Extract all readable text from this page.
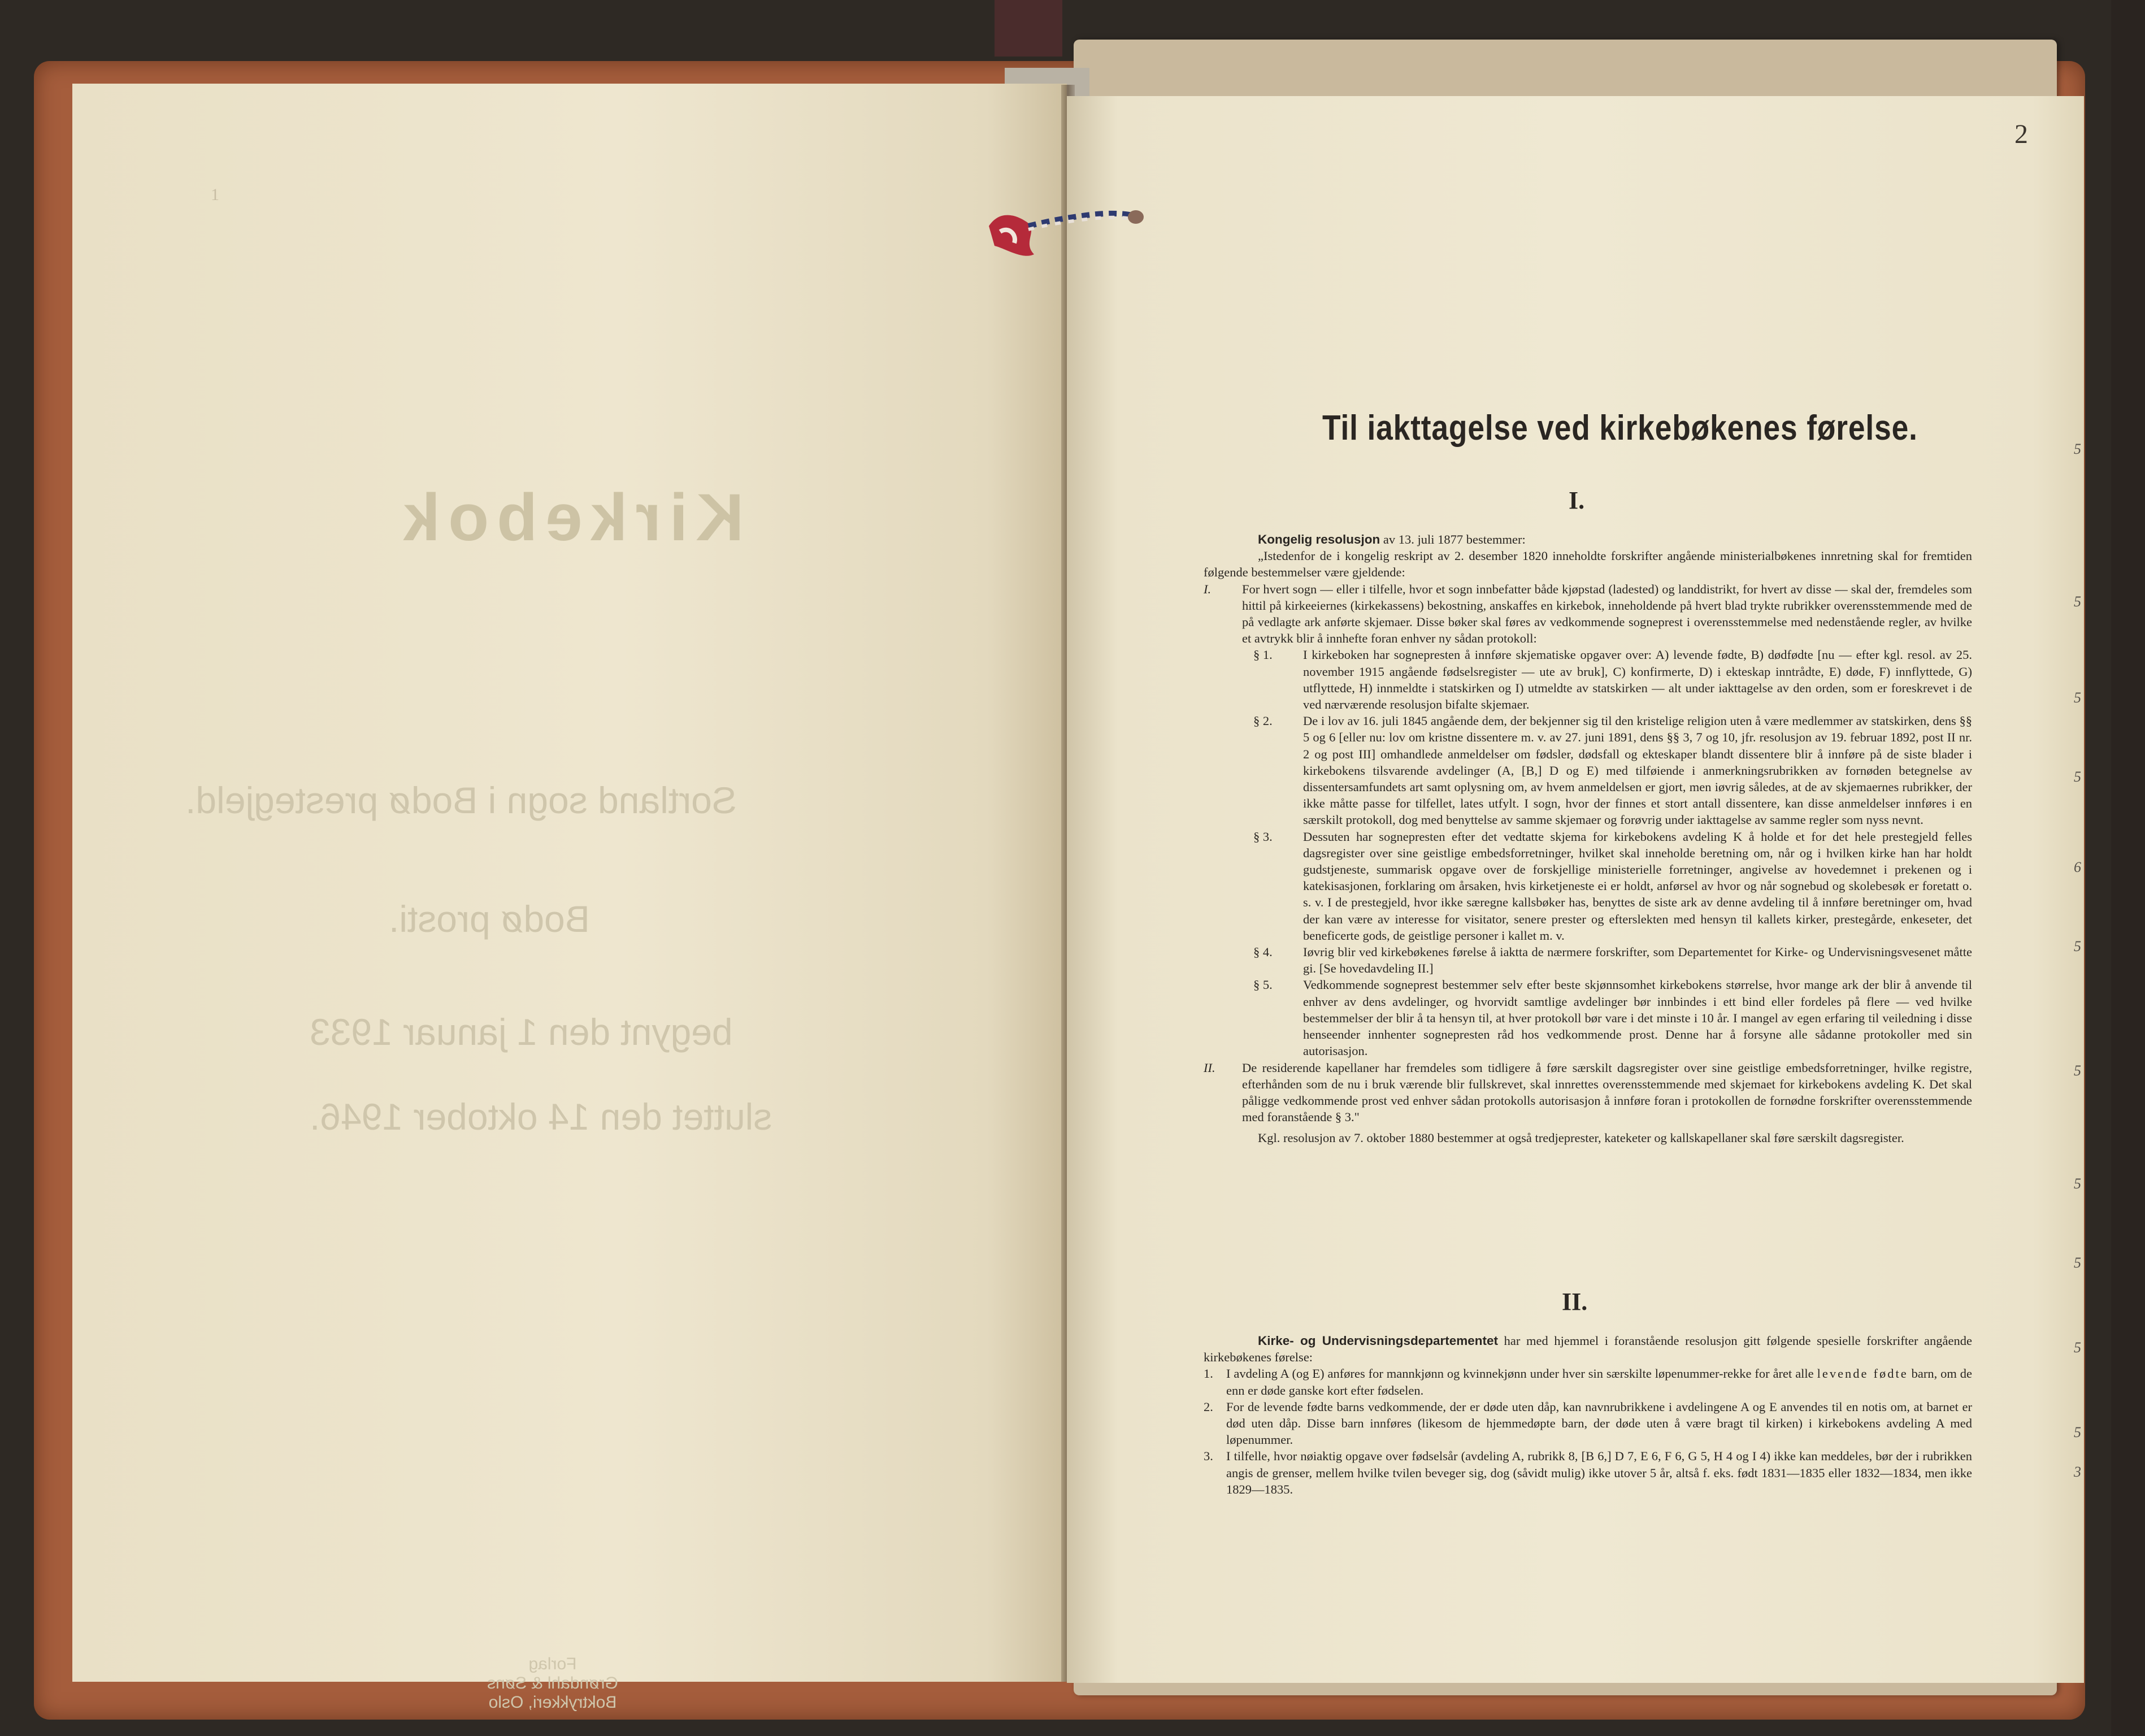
1
Kirkebok
Sortland sogn i Bodø prestegjeld.
Bodø prosti.
begynt den 1 januar 1933
sluttet den 14 oktober 1946.
Forlag
Grøndahl & Søns Boktrykkeri, Oslo
2
Til iakttagelse ved kirkebøkenes førelse.
I.

Kongelig resolusjon av 13. juli 1877 bestemmer:

„Istedenfor de i kongelig reskript av 2. desember 1820 inneholdte forskrifter angående ministerialbøkenes innretning skal for fremtiden følgende bestemmelser være gjeldende:

I. For hvert sogn — eller i tilfelle, hvor et sogn innbefatter både kjøpstad (ladested) og landdistrikt, for hvert av disse — skal der, fremdeles som hittil på kirkeeiernes (kirkekassens) bekostning, anskaffes en kirkebok, inneholdende på hvert blad trykte rubrikker overensstemmende med de på vedlagte ark anførte skjemaer. Disse bøker skal føres av vedkommende sogneprest i overensstemmelse med nedenstående regler, av hvilke et avtrykk blir å innhefte foran enhver ny sådan protokoll:

§ 1. I kirkeboken har sognepresten å innføre skjematiske opgaver over: A) levende fødte, B) dødfødte [nu — efter kgl. resol. av 25. november 1915 angående fødselsregister — ute av bruk], C) konfirmerte, D) i ekteskap inntrådte, E) døde, F) innflyttede, G) utflyttede, H) innmeldte i statskirken og I) utmeldte av statskirken — alt under iakttagelse av den orden, som er foreskrevet i de ved nærværende resolusjon bifalte skjemaer.

§ 2. De i lov av 16. juli 1845 angående dem, der bekjenner sig til den kristelige religion uten å være medlemmer av statskirken, dens §§ 5 og 6 [eller nu: lov om kristne dissentere m. v. av 27. juni 1891, dens §§ 3, 7 og 10, jfr. resolusjon av 19. februar 1892, post II nr. 2 og post III] omhandlede anmeldelser om fødsler, dødsfall og ekteskaper blandt dissentere blir å innføre på de siste blader i kirkebokens tilsvarende avdelinger (A, [B,] D og E) med tilføiende i anmerkningsrubrikken av fornøden betegnelse av dissentersamfundets art samt oplysning om, av hvem anmeldelsen er gjort, men iøvrig således, at de av skjemaernes rubrikker, der ikke måtte passe for tilfellet, lates utfylt. I sogn, hvor der finnes et stort antall dissentere, kan disse anmeldelser innføres i en særskilt protokoll, dog med benyttelse av samme skjemaer og forøvrig under iakttagelse av samme regler som nyss nevnt.

§ 3. Dessuten har sognepresten efter det vedtatte skjema for kirkebokens avdeling K å holde et for det hele prestegjeld felles dagsregister over sine geistlige embedsforretninger, hvilket skal inneholde beretning om, når og i hvilken kirke han har holdt gudstjeneste, summarisk opgave over de forskjellige ministerielle forretninger, angivelse av hovedemnet i prekenen og i katekisasjonen, forklaring om årsaken, hvis kirketjeneste ei er holdt, anførsel av hvor og når sognebud og skolebesøk er foretatt o. s. v. I de prestegjeld, hvor ikke særegne kallsbøker has, benyttes de siste ark av denne avdeling til å innføre beretninger om, hvad der kan være av interesse for visitator, senere prester og efterslekten med hensyn til kallets kirker, prestegårde, enkeseter, det beneficerte gods, de geistlige personer i kallet m. v.

§ 4. Iøvrig blir ved kirkebøkenes førelse å iaktta de nærmere forskrifter, som Departementet for Kirke- og Undervisningsvesenet måtte gi. [Se hovedavdeling II.]

§ 5. Vedkommende sogneprest bestemmer selv efter beste skjønnsomhet kirkebokens størrelse, hvor mange ark der blir å anvende til enhver av dens avdelinger, og hvorvidt samtlige avdelinger bør innbindes i ett bind eller fordeles på flere — ved hvilke bestemmelser der blir å ta hensyn til, at hver protokoll bør vare i det minste i 10 år. I mangel av egen erfaring til veiledning i disse henseender innhenter sognepresten råd hos vedkommende prost. Denne har å forsyne alle sådanne protokoller med sin autorisasjon.

II. De residerende kapellaner har fremdeles som tidligere å føre særskilt dagsregister over sine geistlige embedsforretninger, hvilke registre, efterhånden som de nu i bruk værende blir fullskrevet, skal innrettes overensstemmende med skjemaet for kirkebokens avdeling K. Det skal påligge vedkommende prost ved enhver sådan protokolls autorisasjon å innføre foran i protokollen de fornødne forskrifter overensstemmende med foranstående § 3."

Kgl. resolusjon av 7. oktober 1880 bestemmer at også tredjeprester, kateketer og kallskapellaner skal føre særskilt dagsregister.

II.

Kirke- og Undervisningsdepartementet har med hjemmel i foranstående resolusjon gitt følgende spesielle forskrifter angående kirkebøkenes førelse:

1. I avdeling A (og E) anføres for mannkjønn og kvinnekjønn under hver sin særskilte løpenummer-rekke for året alle levende fødte barn, om de enn er døde ganske kort efter fødselen.

2. For de levende fødte barns vedkommende, der er døde uten dåp, kan navnrubrikkene i avdelingene A og E anvendes til en notis om, at barnet er død uten dåp. Disse barn innføres (likesom de hjemmedøpte barn, der døde uten å være bragt til kirken) i kirkebokens avdeling A med løpenummer.

3. I tilfelle, hvor nøiaktig opgave over fødselsår (avdeling A, rubrikk 8, [B 6,] D 7, E 6, F 6, G 5, H 4 og I 4) ikke kan meddeles, bør der i rubrikken angis de grenser, mellem hvilke tvilen beveger sig, dog (såvidt mulig) ikke utover 5 år, altså f. eks. født 1831—1835 eller 1832—1834, men ikke 1829—1835.

5
5
5
5
5
6
5
5
5
5
3
5
